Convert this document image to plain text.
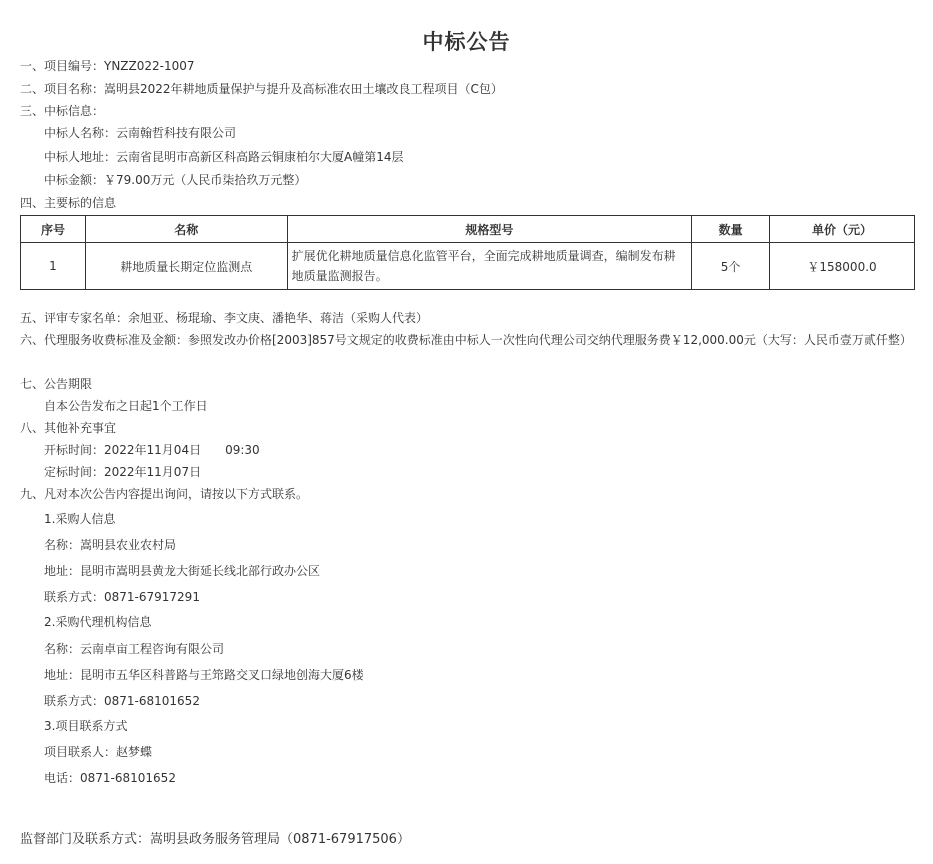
中标公告
一、项目编号：YNZZ022-1007
二、项目名称：嵩明县2022年耕地质量保护与提升及高标准农田土壤改良工程项目（C包）
三、中标信息：
中标人名称：云南翰哲科技有限公司
中标人地址：云南省昆明市高新区科高路云铜康柏尔大厦A幢第14层
中标金额：￥79.00万元（人民币柒拾玖万元整）
四、主要标的信息
序号	名称	规格型号	数量	单价（元）
1	耕地质量长期定位监测点	扩展优化耕地质量信息化监管平台，全面完成耕地质量调查，编制发布耕地质量监测报告。	5个	￥158000.0
五、评审专家名单：余旭亚、杨琨瑜、李文庚、潘艳华、蒋洁（采购人代表）
六、代理服务收费标准及金额：参照发改办价格[2003]857号文规定的收费标准由中标人一次性向代理公司交纳代理服务费￥12,000.00元（大写：人民币壹万贰仟整）
七、公告期限
自本公告发布之日起1个工作日
八、其他补充事宜
开标时间：2022年11月04日　　09:30
定标时间：2022年11月07日
九、凡对本次公告内容提出询问，请按以下方式联系。
1.采购人信息
名称：嵩明县农业农村局
地址：昆明市嵩明县黄龙大街延长线北部行政办公区
联系方式：0871-67917291
2.采购代理机构信息
名称：云南卓亩工程咨询有限公司
地址：昆明市五华区科普路与王筇路交叉口绿地创海大厦6楼
联系方式：0871-68101652
3.项目联系方式
项目联系人：赵梦蝶
电话：0871-68101652
监督部门及联系方式：嵩明县政务服务管理局（0871-67917506）
